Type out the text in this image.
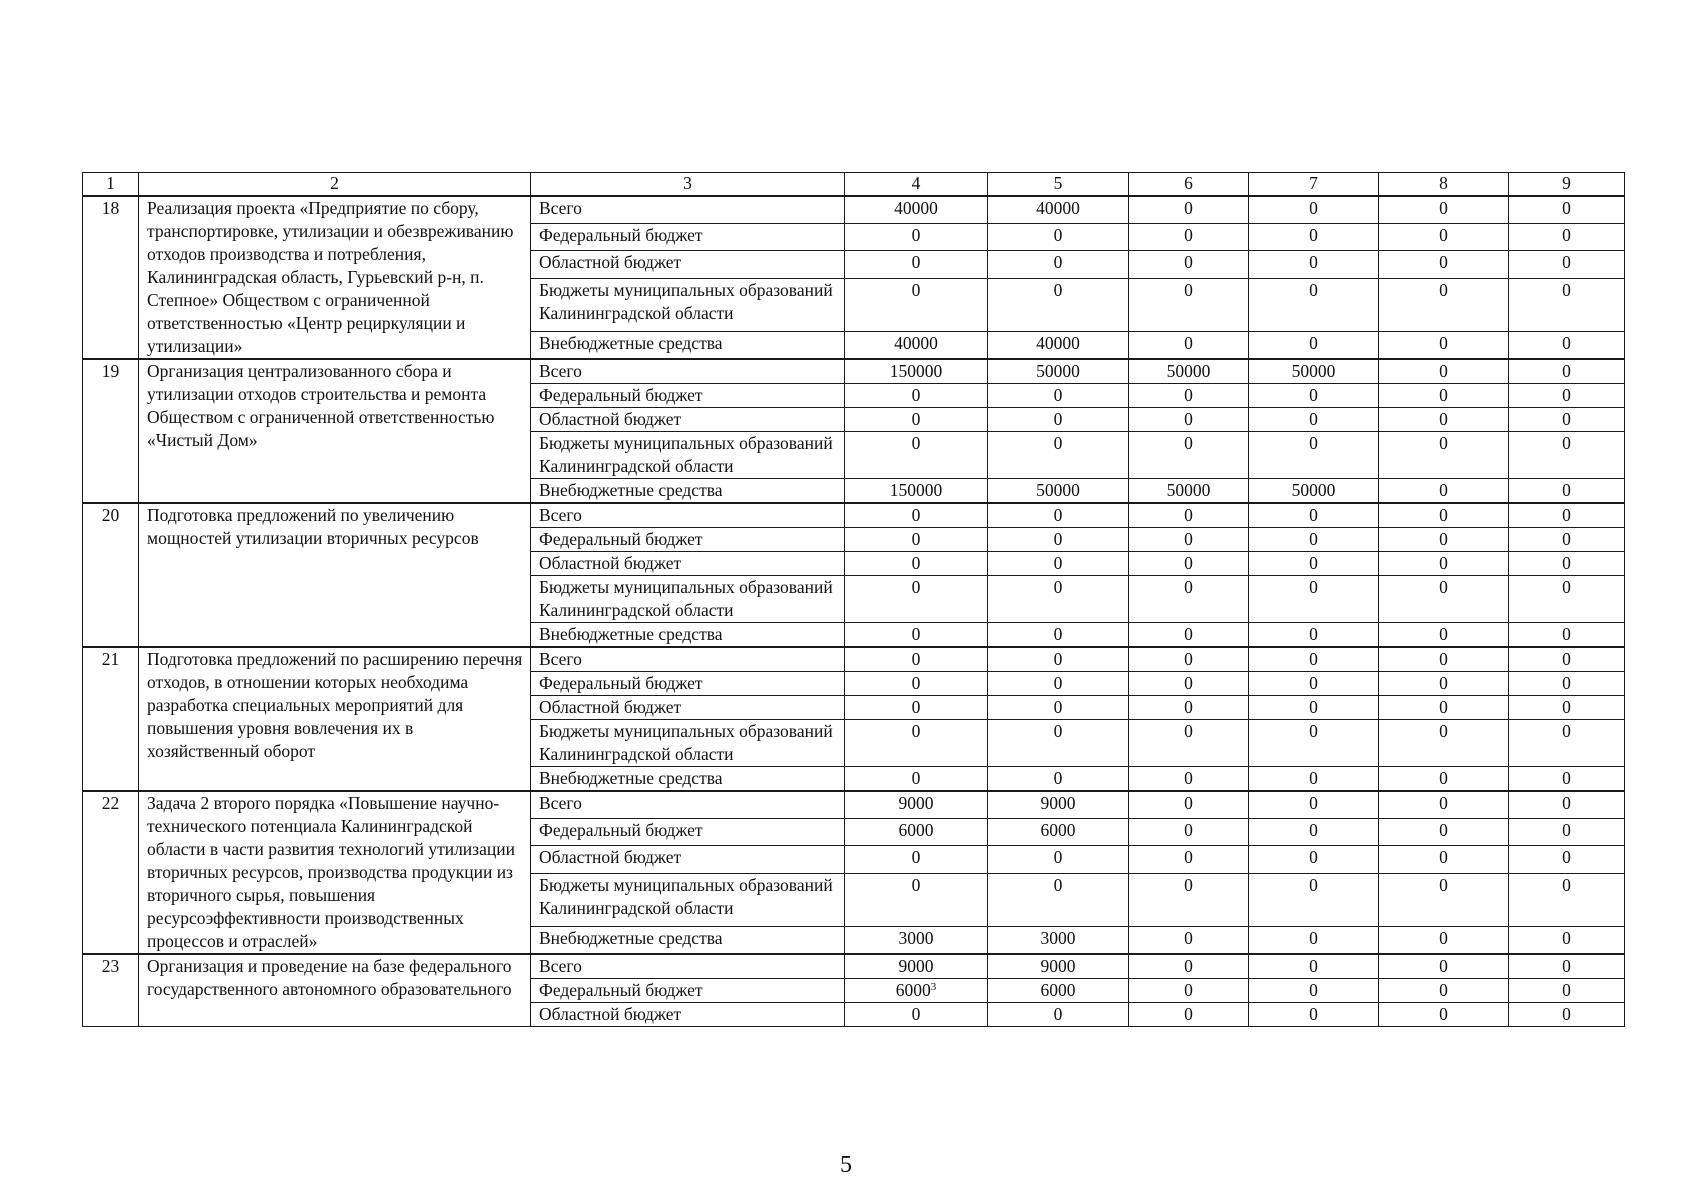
1	2	3	4	5	6	7	8	9
18	Реализация проекта «Предприятие по сбору, транспортировке, утилизации и обезвреживанию отходов производства и потребления, Калининградская область, Гурьевский р-н, п. Степное» Обществом с ограниченной ответственностью «Центр рециркуляции и утилизации»	Всего	40000	40000	0	0	0	0
		Федеральный бюджет	0	0	0	0	0	0
		Областной бюджет	0	0	0	0	0	0
		Бюджеты муниципальных образований Калининградской области	0	0	0	0	0	0
		Внебюджетные средства	40000	40000	0	0	0	0
19	Организация централизованного сбора и утилизации отходов строительства и ремонта Обществом с ограниченной ответственностью «Чистый Дом»	Всего	150000	50000	50000	50000	0	0
		Федеральный бюджет	0	0	0	0	0	0
		Областной бюджет	0	0	0	0	0	0
		Бюджеты муниципальных образований Калининградской области	0	0	0	0	0	0
		Внебюджетные средства	150000	50000	50000	50000	0	0
20	Подготовка предложений по увеличению мощностей утилизации вторичных ресурсов	Всего	0	0	0	0	0	0
		Федеральный бюджет	0	0	0	0	0	0
		Областной бюджет	0	0	0	0	0	0
		Бюджеты муниципальных образований Калининградской области	0	0	0	0	0	0
		Внебюджетные средства	0	0	0	0	0	0
21	Подготовка предложений по расширению перечня отходов, в отношении которых необходима разработка специальных мероприятий для повышения уровня вовлечения их в хозяйственный оборот	Всего	0	0	0	0	0	0
		Федеральный бюджет	0	0	0	0	0	0
		Областной бюджет	0	0	0	0	0	0
		Бюджеты муниципальных образований Калининградской области	0	0	0	0	0	0
		Внебюджетные средства	0	0	0	0	0	0
22	Задача 2 второго порядка «Повышение научно-технического потенциала Калининградской области в части развития технологий утилизации вторичных ресурсов, производства продукции из вторичного сырья, повышения ресурсоэффективности производственных процессов и отраслей»	Всего	9000	9000	0	0	0	0
		Федеральный бюджет	6000	6000	0	0	0	0
		Областной бюджет	0	0	0	0	0	0
		Бюджеты муниципальных образований Калининградской области	0	0	0	0	0	0
		Внебюджетные средства	3000	3000	0	0	0	0
23	Организация и проведение на базе федерального государственного автономного образовательного	Всего	9000	9000	0	0	0	0
		Федеральный бюджет	6000$^3$	6000	0	0	0	0
		Областной бюджет	0	0	0	0	0	0
5
